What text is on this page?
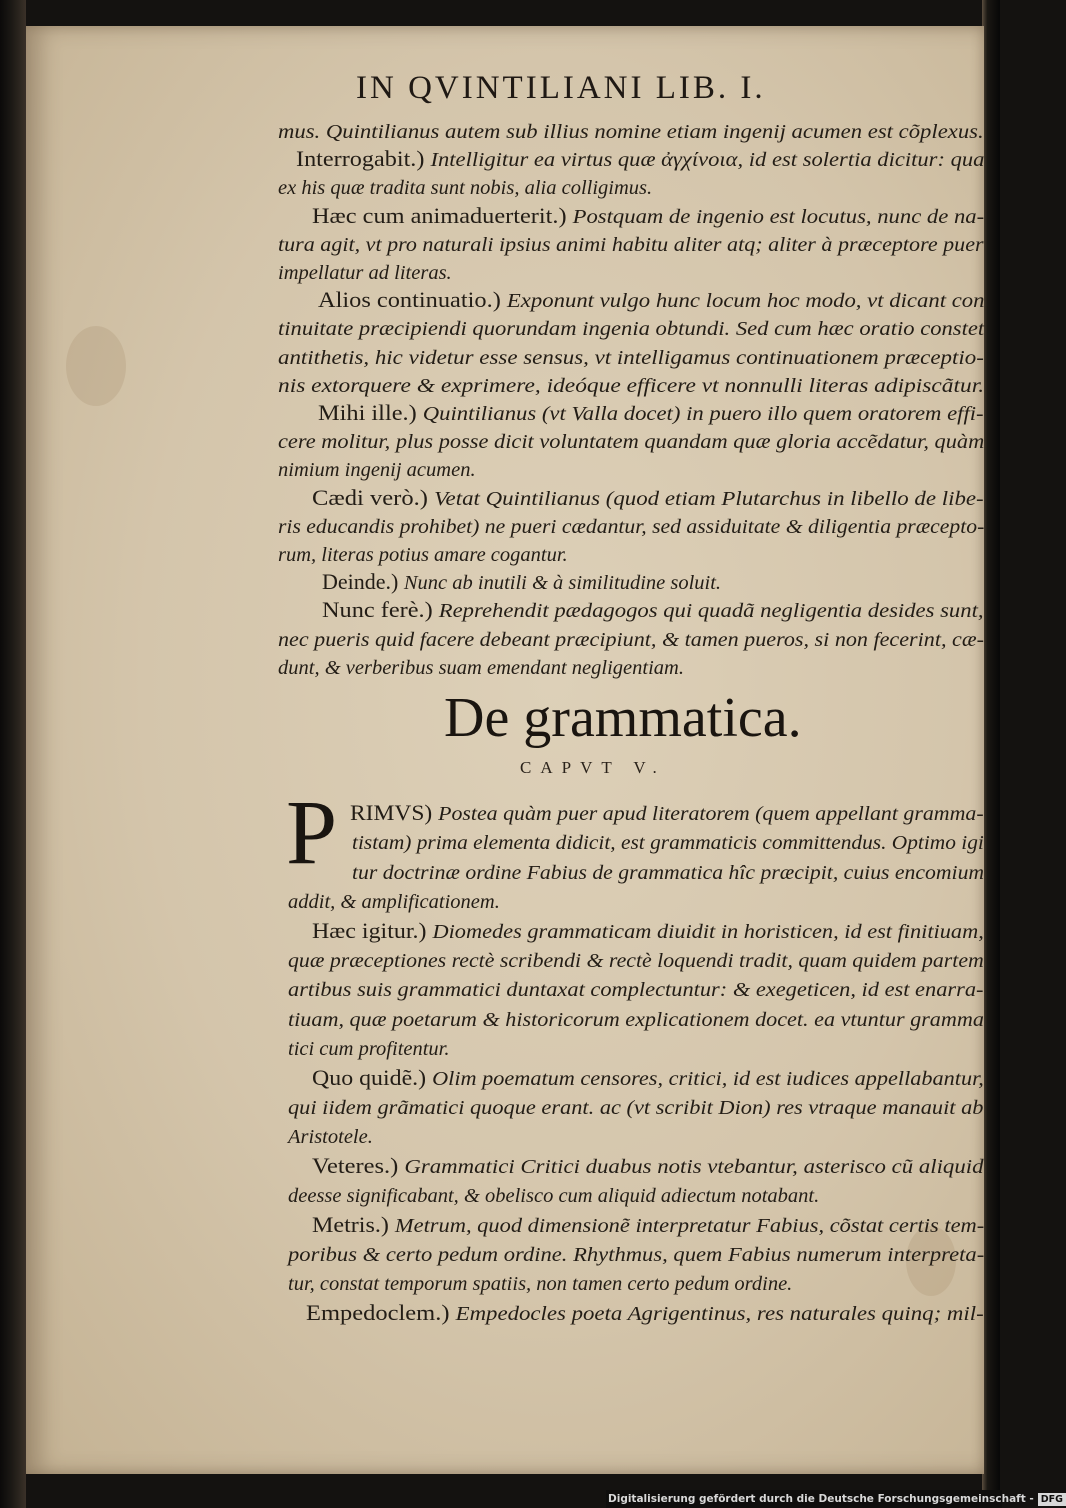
IN QVINTILIANI LIB. I.
mus. Quintilianus autem sub illius nomine etiam ingenij acumen est cõplexus.
Interrogabit.) Intelligitur ea virtus quæ ἀγχίνοια, id est solertia dicitur: qua
ex his quæ tradita sunt nobis, alia colligimus.
Hæc cum animaduerterit.) Postquam de ingenio est locutus, nunc de na-
tura agit, vt pro naturali ipsius animi habitu aliter atq; aliter à præceptore puer
impellatur ad literas.
Alios continuatio.) Exponunt vulgo hunc locum hoc modo, vt dicant con
tinuitate præcipiendi quorundam ingenia obtundi. Sed cum hæc oratio constet
antithetis, hic videtur esse sensus, vt intelligamus continuationem præceptio-
nis extorquere & exprimere, ideóque efficere vt nonnulli literas adipiscãtur.
Mihi ille.) Quintilianus (vt Valla docet) in puero illo quem oratorem effi-
cere molitur, plus posse dicit voluntatem quandam quæ gloria accẽdatur, quàm
nimium ingenij acumen.
Cædi verò.) Vetat Quintilianus (quod etiam Plutarchus in libello de libe-
ris educandis prohibet) ne pueri cædantur, sed assiduitate & diligentia præcepto-
rum, literas potius amare cogantur.
Deinde.) Nunc ab inutili & à similitudine soluit.
Nunc ferè.) Reprehendit pædagogos qui quadã negligentia desides sunt,
nec pueris quid facere debeant præcipiunt, & tamen pueros, si non fecerint, cæ-
dunt, & verberibus suam emendant negligentiam.
De grammatica.
CAPVT V.
P RIMVS) Postea quàm puer apud literatorem (quem appellant gramma-
tistam) prima elementa didicit, est grammaticis committendus. Optimo igi
tur doctrinæ ordine Fabius de grammatica hîc præcipit, cuius encomium
addit, & amplificationem.
Hæc igitur.) Diomedes grammaticam diuidit in horisticen, id est finitiuam,
quæ præceptiones rectè scribendi & rectè loquendi tradit, quam quidem partem
artibus suis grammatici duntaxat complectuntur: & exegeticen, id est enarra-
tiuam, quæ poetarum & historicorum explicationem docet. ea vtuntur gramma
tici cum profitentur.
Quo quidẽ.) Olim poematum censores, critici, id est iudices appellabantur,
qui iidem grãmatici quoque erant. ac (vt scribit Dion) res vtraque manauit ab
Aristotele.
Veteres.) Grammatici Critici duabus notis vtebantur, asterisco cũ aliquid
deesse significabant, & obelisco cum aliquid adiectum notabant.
Metris.) Metrum, quod dimensionẽ interpretatur Fabius, cõstat certis tem-
poribus & certo pedum ordine. Rhythmus, quem Fabius numerum interpreta-
tur, constat temporum spatiis, non tamen certo pedum ordine.
Empedoclem.) Empedocles poeta Agrigentinus, res naturales quinq; mil-
Digitalisierung gefördert durch die Deutsche Forschungsgemeinschaft - DFG
